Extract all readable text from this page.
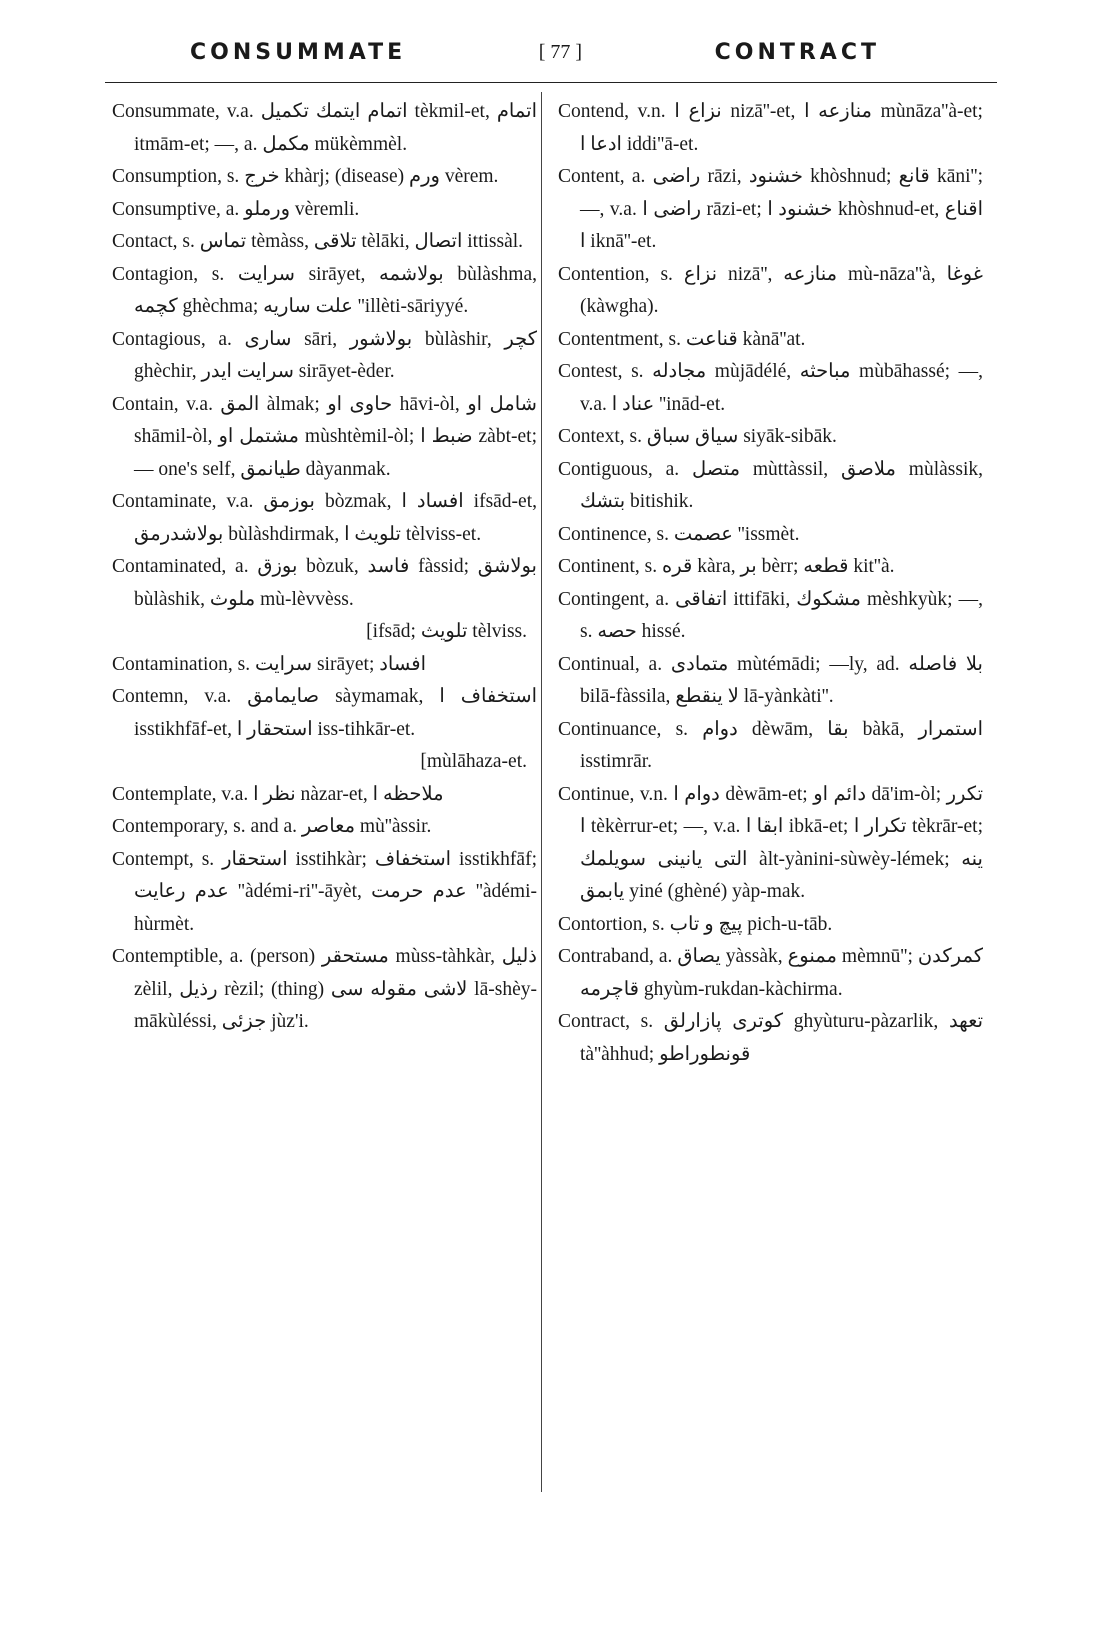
CONSUMMATE	[ 77 ]	CONTRACT
Consummate, v.a. اتمام ايتمك تكميل tèkmil-et, اتمام itmām-et; —, a. مكمل mükèmmèl.
Consumption, s. خرج khàrj; (disease) ورم vèrem.
Consumptive, a. ورملو vèremli.
Contact, s. تماس tèmàss, تلاقى tèlāki, اتصال ittissàl.
Contagion, s. سرايت sirāyet, بولاشمه bùlàshma, كچمه ghèchma; علت ساريه ''illèti-sāriyyé.
Contagious, a. سارى sāri, بولاشور bùlàshir, كچر ghèchir, سرايت ايدر sirāyet-èder.
Contain, v.a. المق àlmak; حاوى او hāvi-òl, شامل او shāmil-òl, مشتمل او mùshtèmil-òl; ضبط ا zàbt-et; — one's self, طيانمق dàyanmak.
Contaminate, v.a. بوزمق bòzmak, افساد ا ifsād-et, بولاشدرمق bùlàshdirmak, تلويث ا tèlviss-et.
Contaminated, a. بوزق bòzuk, فاسد fàssid; بولاشق bùlàshik, ملوث mù-lèvvèss.
[ifsād; تلويث tèlviss.
Contamination, s. سرايت sirāyet; افساد
Contemn, v.a. صايمامق sàymamak, استخفاف ا isstikhfāf-et, استحقار ا iss-tihkār-et.
[mùlāhaza-et.
Contemplate, v.a. نظر ا nàzar-et, ملاحظه ا
Contemporary, s. and a. معاصر mù''àssir.
Contempt, s. استحقار isstihkàr; استخفاف isstikhfāf; عدم رعايت ''àdémi-ri''-āyèt, عدم حرمت ''àdémi-hùrmèt.
Contemptible, a. (person) مستحقر mùss-tàhkàr, ذليل zèlil, رذيل rèzil; (thing) لاشى مقوله سى lā-shèy-mākùléssi, جزئى jùz'i.
Contend, v.n. نزاع ا nizā''-et, منازعه ا mùnāza''à-et; ادعا ا iddi''ā-et.
Content, a. راضى rāzi, خشنود khòshnud; قانع kāni''; —, v.a. راضى ا rāzi-et; خشنود ا khòshnud-et, اقناع ا iknā''-et.
Contention, s. نزاع nizā'', منازعه mù-nāza''à, غوغا (kàwgha).
Contentment, s. قناعت kànā''at.
Contest, s. مجادله mùjādélé, مباحثه mùbāhassé; —, v.a. عناد ا ''inād-et.
Context, s. سياق سباق siyāk-sibāk.
Contiguous, a. متصل mùttàssil, ملاصق mùlàssik, بتشك bitishik.
Continence, s. عصمت ''issmèt.
Continent, s. قره kàra, بر bèrr; قطعه kit''à.
Contingent, a. اتفاقى ittifāki, مشكوك mèshkyùk; —, s. حصه hissé.
Continual, a. متمادى mùtémādi; —ly, ad. بلا فاصله bilā-fàssila, لا ينقطع lā-yànkàti''.
Continuance, s. دوام dèwām, بقا bàkā, استمرار isstimrār.
Continue, v.n. دوام ا dèwām-et; دائم او dā'im-òl; تكرر ا tèkèrrur-et; —, v.a. ابقا ا ibkā-et; تكرار ا tèkrār-et; التى يانينى سويلمك àlt-yànini-sùwèy-lémek; ينه يابمق yiné (ghèné) yàp-mak.
Contortion, s. پيچ و تاب pich-u-tāb.
Contraband, a. يصاق yàssàk, ممنوع mèmnū''; كمركدن قاچرمه ghyùm-rukdan-kàchirma.
Contract, s. كوترى پازارلق ghyùturu-pàzarlik, تعهد tà''àhhud; قونطوراطو
